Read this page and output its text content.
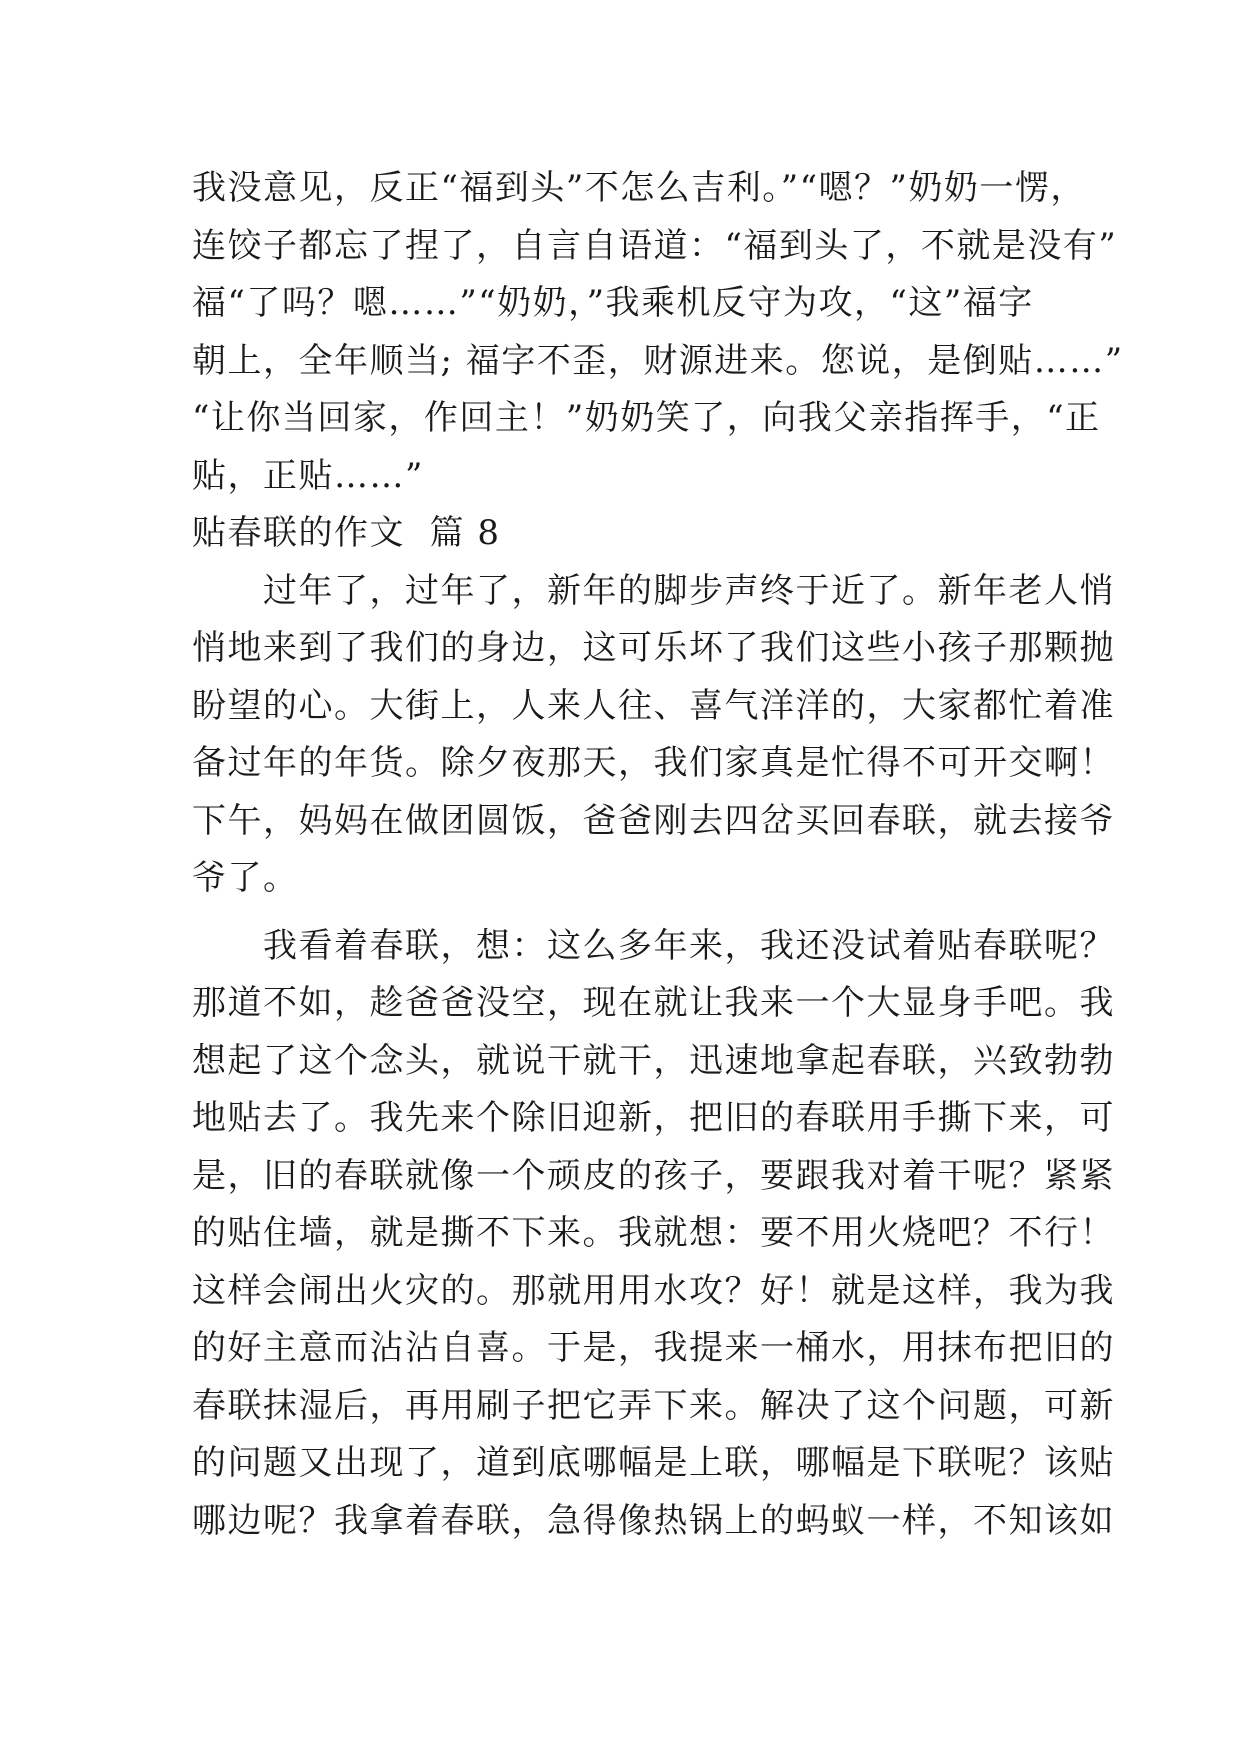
我没意见，反正“福到头”不怎么吉利。”“嗯？”奶奶一愣，
连饺子都忘了捏了，自言自语道：“福到头了，不就是没有”
福“了吗？嗯……”“奶奶，”我乘机反守为攻，“这”福字
朝上，全年顺当; 福字不歪，财源进来。您说，是倒贴……”
“让你当回家，作回主！”奶奶笑了，向我父亲指挥手，“正
贴，正贴……”
贴春联的作文  篇 8
　　过年了，过年了，新年的脚步声终于近了。新年老人悄
悄地来到了我们的身边，这可乐坏了我们这些小孩子那颗抛
盼望的心。大街上，人来人往、喜气洋洋的，大家都忙着准
备过年的年货。除夕夜那天，我们家真是忙得不可开交啊！
下午，妈妈在做团圆饭，爸爸刚去四岔买回春联，就去接爷
爷了。
　　我看着春联，想：这么多年来，我还没试着贴春联呢？
那道不如，趁爸爸没空，现在就让我来一个大显身手吧。我
想起了这个念头，就说干就干，迅速地拿起春联，兴致勃勃
地贴去了。我先来个除旧迎新，把旧的春联用手撕下来，可
是，旧的春联就像一个顽皮的孩子，要跟我对着干呢？紧紧
的贴住墙，就是撕不下来。我就想：要不用火烧吧？不行！
这样会闹出火灾的。那就用用水攻？好！就是这样，我为我
的好主意而沾沾自喜。于是，我提来一桶水，用抹布把旧的
春联抹湿后，再用刷子把它弄下来。解决了这个问题，可新
的问题又出现了，道到底哪幅是上联，哪幅是下联呢？该贴
哪边呢？我拿着春联，急得像热锅上的蚂蚁一样，不知该如
